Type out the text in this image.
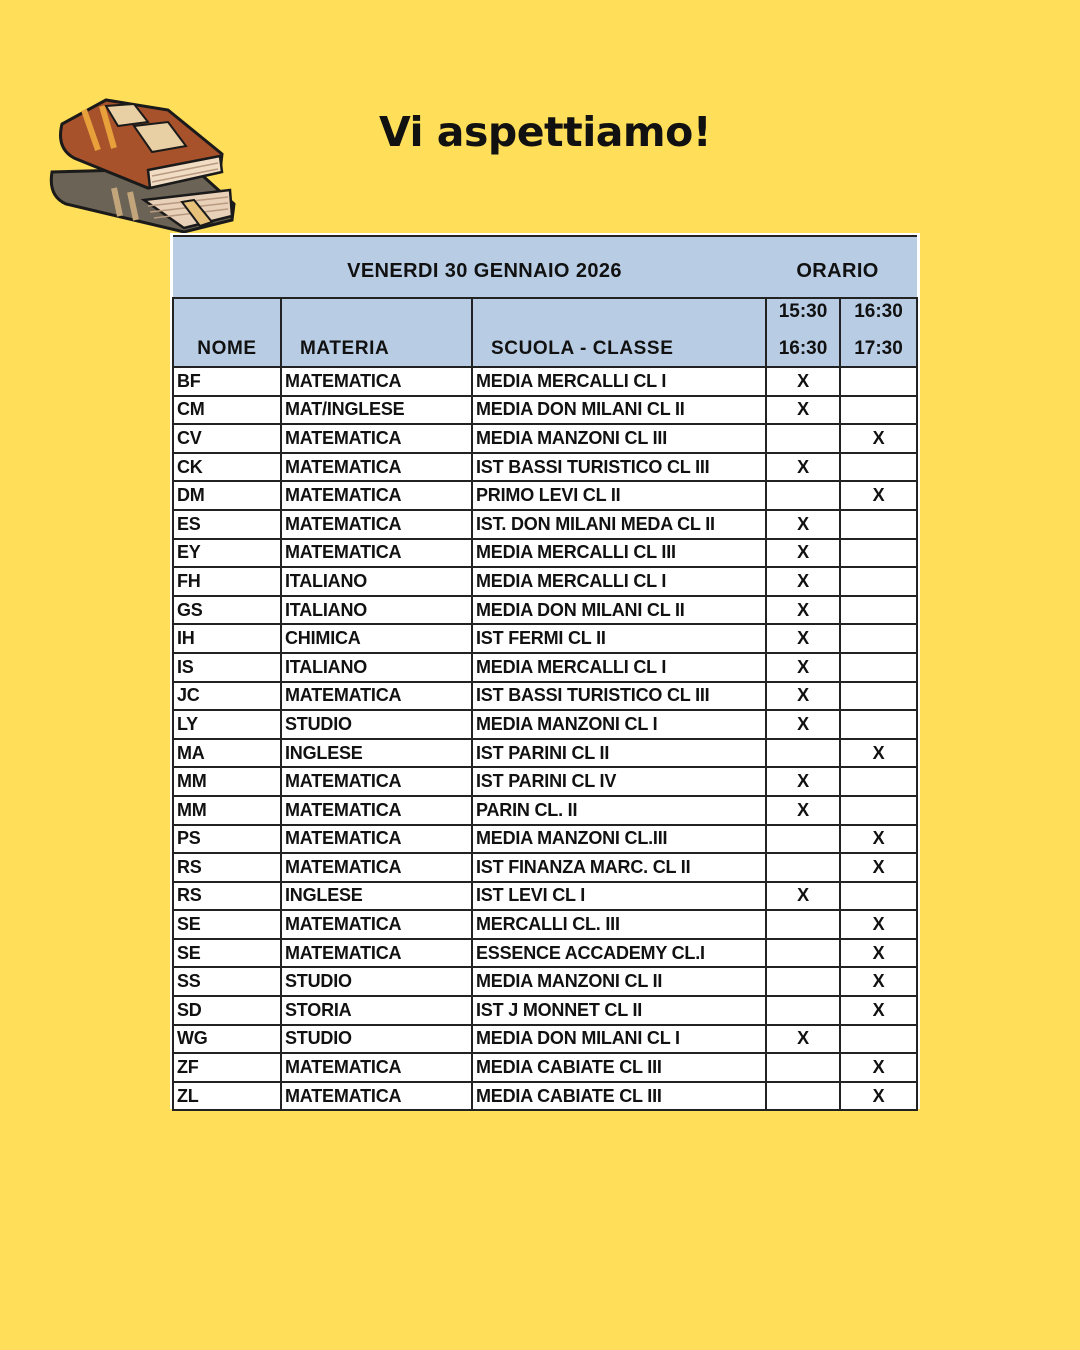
Vi aspettiamo!
VENERDI 30 GENNAIO 2026			ORARIO	
NOME	MATERIA	SCUOLA - CLASSE	15:30	16:30
			16:30	17:30
BF	MATEMATICA	MEDIA MERCALLI CL I	X	
CM	MAT/INGLESE	MEDIA DON MILANI CL II	X	
CV	MATEMATICA	MEDIA MANZONI CL III		X
CK	MATEMATICA	IST BASSI TURISTICO CL III	X	
DM	MATEMATICA	PRIMO LEVI CL II		X
ES	MATEMATICA	IST. DON MILANI MEDA CL II	X	
EY	MATEMATICA	MEDIA MERCALLI CL III	X	
FH	ITALIANO	MEDIA MERCALLI CL I	X	
GS	ITALIANO	MEDIA DON MILANI CL II	X	
IH	CHIMICA	IST FERMI CL II	X	
IS	ITALIANO	MEDIA MERCALLI CL I	X	
JC	MATEMATICA	IST BASSI TURISTICO CL III	X	
LY	STUDIO	MEDIA MANZONI CL I	X	
MA	INGLESE	IST PARINI CL II		X
MM	MATEMATICA	IST PARINI CL IV	X	
MM	MATEMATICA	PARIN CL. II	X	
PS	MATEMATICA	MEDIA MANZONI CL.III		X
RS	MATEMATICA	IST FINANZA MARC. CL II		X
RS	INGLESE	IST LEVI CL I	X	
SE	MATEMATICA	MERCALLI CL. III		X
SE	MATEMATICA	ESSENCE ACCADEMY CL.I		X
SS	STUDIO	MEDIA MANZONI CL II		X
SD	STORIA	IST J MONNET CL II		X
WG	STUDIO	MEDIA DON MILANI CL I	X	
ZF	MATEMATICA	MEDIA CABIATE CL III		X
ZL	MATEMATICA	MEDIA CABIATE CL III		X
